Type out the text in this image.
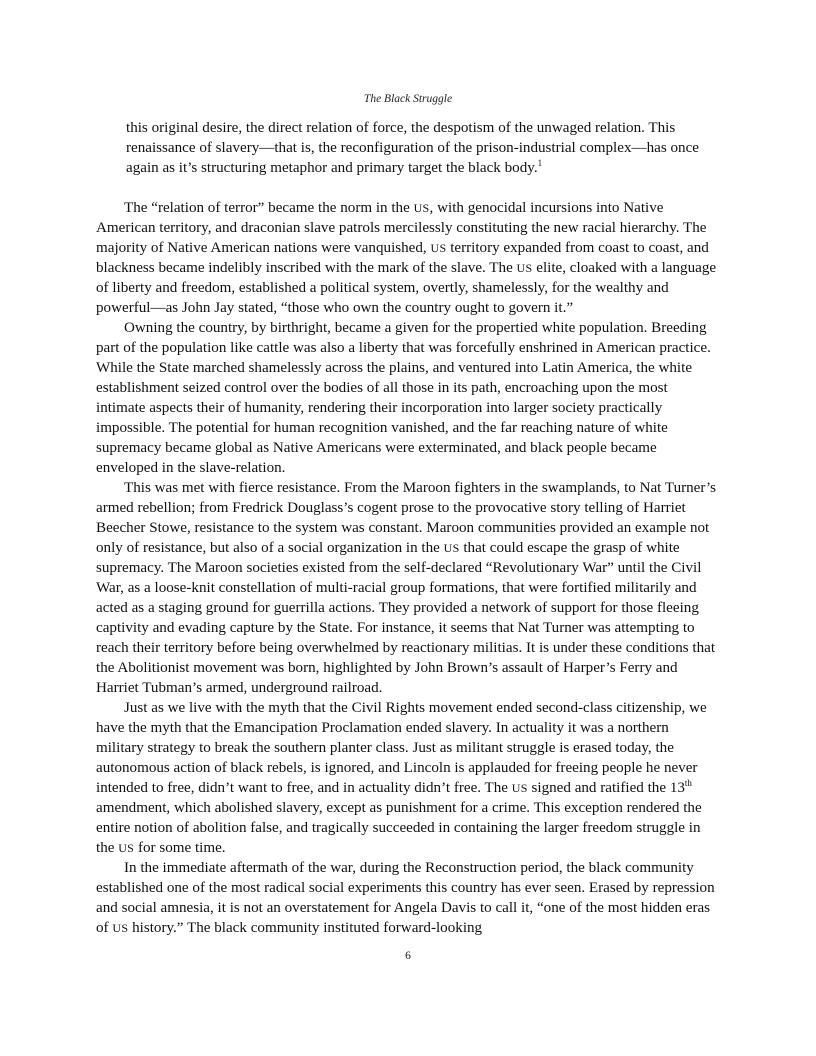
The Black Struggle

this original desire, the direct relation of force, the despotism of the unwaged relation. This renaissance of slavery—that is, the reconfiguration of the prison-industrial complex—has once again as it’s structuring metaphor and primary target the black body.$^1$

The “relation of terror” became the norm in the US, with genocidal incursions into Native American territory, and draconian slave patrols mercilessly constituting the new racial hierarchy. The majority of Native American nations were vanquished, US territory expanded from coast to coast, and blackness became indelibly inscribed with the mark of the slave. The US elite, cloaked with a language of liberty and freedom, established a political system, overtly, shamelessly, for the wealthy and powerful—as John Jay stated, “those who own the country ought to govern it.”

Owning the country, by birthright, became a given for the propertied white population. Breeding part of the population like cattle was also a liberty that was forcefully enshrined in American practice. While the State marched shamelessly across the plains, and ventured into Latin America, the white establishment seized control over the bodies of all those in its path, encroaching upon the most intimate aspects their of humanity, rendering their incorporation into larger society practically impossible. The potential for human recognition vanished, and the far reaching nature of white supremacy became global as Native Americans were exterminated, and black people became enveloped in the slave-relation.

This was met with fierce resistance. From the Maroon fighters in the swamplands, to Nat Turner’s armed rebellion; from Fredrick Douglass’s cogent prose to the provocative story telling of Harriet Beecher Stowe, resistance to the system was constant. Maroon communities provided an example not only of resistance, but also of a social organization in the US that could escape the grasp of white supremacy. The Maroon societies existed from the self-declared “Revolutionary War” until the Civil War, as a loose-knit constellation of multi-racial group formations, that were fortified militarily and acted as a staging ground for guerrilla actions. They provided a network of support for those fleeing captivity and evading capture by the State. For instance, it seems that Nat Turner was attempting to reach their territory before being overwhelmed by reactionary militias. It is under these conditions that the Abolitionist movement was born, highlighted by John Brown’s assault of Harper’s Ferry and Harriet Tubman’s armed, underground railroad.

Just as we live with the myth that the Civil Rights movement ended second-class citizenship, we have the myth that the Emancipation Proclamation ended slavery. In actuality it was a northern military strategy to break the southern planter class. Just as militant struggle is erased today, the autonomous action of black rebels, is ignored, and Lincoln is applauded for freeing people he never intended to free, didn’t want to free, and in actuality didn’t free. The US signed and ratified the 13th amendment, which abolished slavery, except as punishment for a crime. This exception rendered the entire notion of abolition false, and tragically succeeded in containing the larger freedom struggle in the US for some time.

In the immediate aftermath of the war, during the Reconstruction period, the black community established one of the most radical social experiments this country has ever seen. Erased by repression and social amnesia, it is not an overstatement for Angela Davis to call it, “one of the most hidden eras of US history.” The black community instituted forward-looking

6
